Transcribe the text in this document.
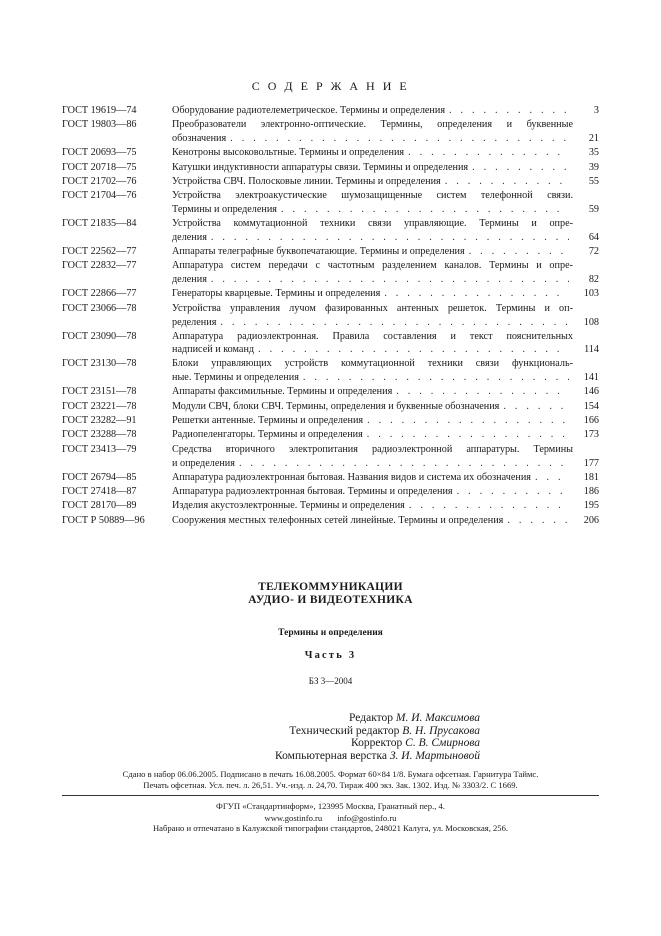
С О Д Е Р Ж А Н И Е
ГОСТ 19619—74	Оборудование радиотелеметрическое. Термины и определения . . .	3
ГОСТ 19803—86	Преобразователи электронно-оптические. Термины, определения и буквенные
обозначения . . .	21
ГОСТ 20693—75	Кенотроны высоковольтные. Термины и определения . . .	35
ГОСТ 20718—75	Катушки индуктивности аппаратуры связи. Термины и определения . . .	39
ГОСТ 21702—76	Устройства СВЧ. Полосковые линии. Термины и определения . . .	55
ГОСТ 21704—76	Устройства электроакустические шумозащищенные систем телефонной связи.
Термины и определения . . .	59
ГОСТ 21835—84	Устройства коммутационной техники связи управляющие. Термины и опре-
деления . . .	64
ГОСТ 22562—77	Аппараты телеграфные буквопечатающие. Термины и определения . . .	72
ГОСТ 22832—77	Аппаратура систем передачи с частотным разделением каналов. Термины и опре-
деления . . .	82
ГОСТ 22866—77	Генераторы кварцевые. Термины и определения . . .	103
ГОСТ 23066—78	Устройства управления лучом фазированных антенных решеток. Термины и оп-
ределения . . .	108
ГОСТ 23090—78	Аппаратура радиоэлектронная. Правила составления и текст пояснительных
надписей и команд . . .	114
ГОСТ 23130—78	Блоки управляющих устройств коммутационной техники связи функциональ-
ные. Термины и определения . . .	141
ГОСТ 23151—78	Аппараты факсимильные. Термины и определения . . .	146
ГОСТ 23221—78	Модули СВЧ, блоки СВЧ. Термины, определения и буквенные обозначения . . .	154
ГОСТ 23282—91	Решетки антенные. Термины и определения . . .	166
ГОСТ 23288—78	Радиопеленгаторы. Термины и определения . . .	173
ГОСТ 23413—79	Средства вторичного электропитания радиоэлектронной аппаратуры. Термины
и определения . . .	177
ГОСТ 26794—85	Аппаратура радиоэлектронная бытовая. Названия видов и система их обозначения . . .	181
ГОСТ 27418—87	Аппаратура радиоэлектронная бытовая. Термины и определения . . .	186
ГОСТ 28170—89	Изделия акустоэлектронные. Термины и определения . . .	195
ГОСТ Р 50889—96	Сооружения местных телефонных сетей линейные. Термины и определения . . .	206
ТЕЛЕКОММУНИКАЦИИ
АУДИО- И ВИДЕОТЕХНИКА
Термины и определения
Часть 3
БЗ 3—2004
Редактор М. И. Максимова
Технический редактор В. Н. Прусакова
Корректор С. В. Смирнова
Компьютерная верстка З. И. Мартыновой
Сдано в набор 06.06.2005. Подписано в печать 16.08.2005. Формат 60×84 1/8. Бумага офсетная. Гарнитура Таймс.
Печать офсетная. Усл. печ. л. 26,51. Уч.-изд. л. 24,70. Тираж 400 экз. Зак. 1302. Изд. № 3303/2. С 1669.
ФГУП «Стандартинформ», 123995 Москва, Гранатный пер., 4.
www.gostinfo.ru info@gostinfo.ru
Набрано и отпечатано в Калужской типографии стандартов, 248021 Калуга, ул. Московская, 256.
